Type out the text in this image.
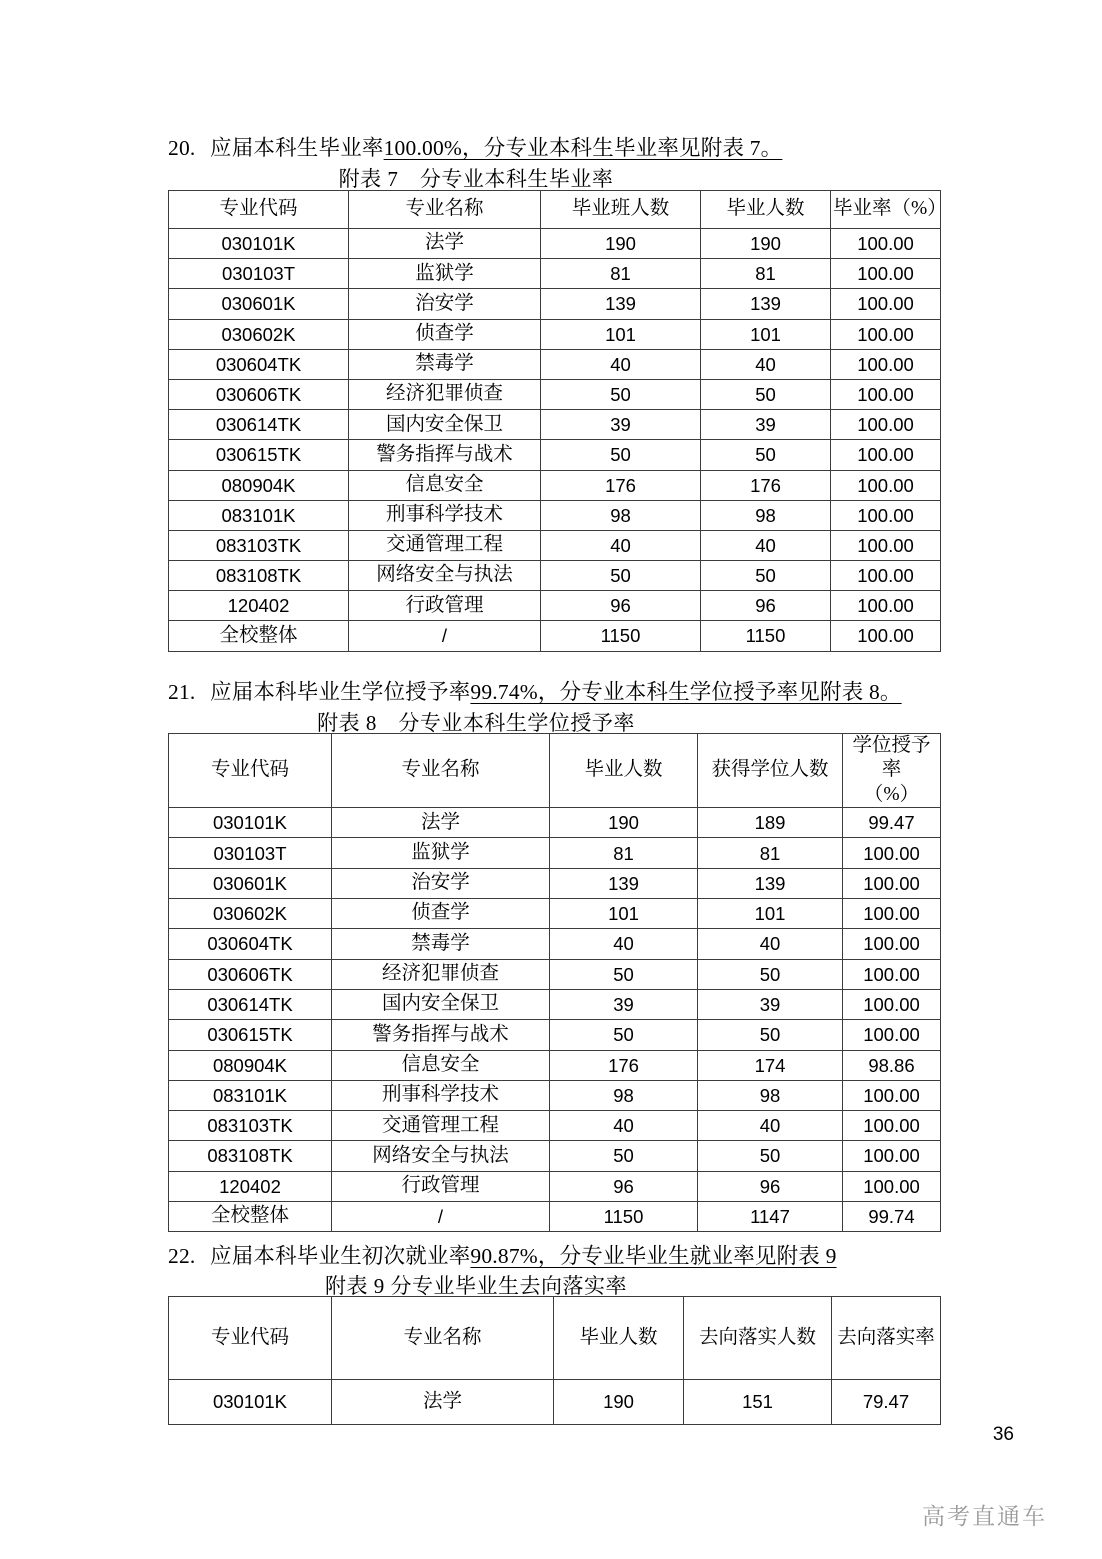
20. 应届本科生毕业率100.00%，分专业本科生毕业率见附表 7。
附表 7　分专业本科生毕业率
专业代码	专业名称	毕业班人数	毕业人数	毕业率（%）
030101K	法学	190	190	100.00
030103T	监狱学	81	81	100.00
030601K	治安学	139	139	100.00
030602K	侦查学	101	101	100.00
030604TK	禁毒学	40	40	100.00
030606TK	经济犯罪侦查	50	50	100.00
030614TK	国内安全保卫	39	39	100.00
030615TK	警务指挥与战术	50	50	100.00
080904K	信息安全	176	176	100.00
083101K	刑事科学技术	98	98	100.00
083103TK	交通管理工程	40	40	100.00
083108TK	网络安全与执法	50	50	100.00
120402	行政管理	96	96	100.00
全校整体	/	1150	1150	100.00
21. 应届本科毕业生学位授予率99.74%，分专业本科生学位授予率见附表 8。
附表 8　分专业本科生学位授予率
专业代码	专业名称	毕业人数	获得学位人数	学位授予率
（%）
030101K	法学	190	189	99.47
030103T	监狱学	81	81	100.00
030601K	治安学	139	139	100.00
030602K	侦查学	101	101	100.00
030604TK	禁毒学	40	40	100.00
030606TK	经济犯罪侦查	50	50	100.00
030614TK	国内安全保卫	39	39	100.00
030615TK	警务指挥与战术	50	50	100.00
080904K	信息安全	176	174	98.86
083101K	刑事科学技术	98	98	100.00
083103TK	交通管理工程	40	40	100.00
083108TK	网络安全与执法	50	50	100.00
120402	行政管理	96	96	100.00
全校整体	/	1150	1147	99.74
22. 应届本科毕业生初次就业率90.87%，分专业毕业生就业率见附表 9
附表 9 分专业毕业生去向落实率
专业代码	专业名称	毕业人数	去向落实人数	去向落实率
030101K	法学	190	151	79.47
36
高考直通车
